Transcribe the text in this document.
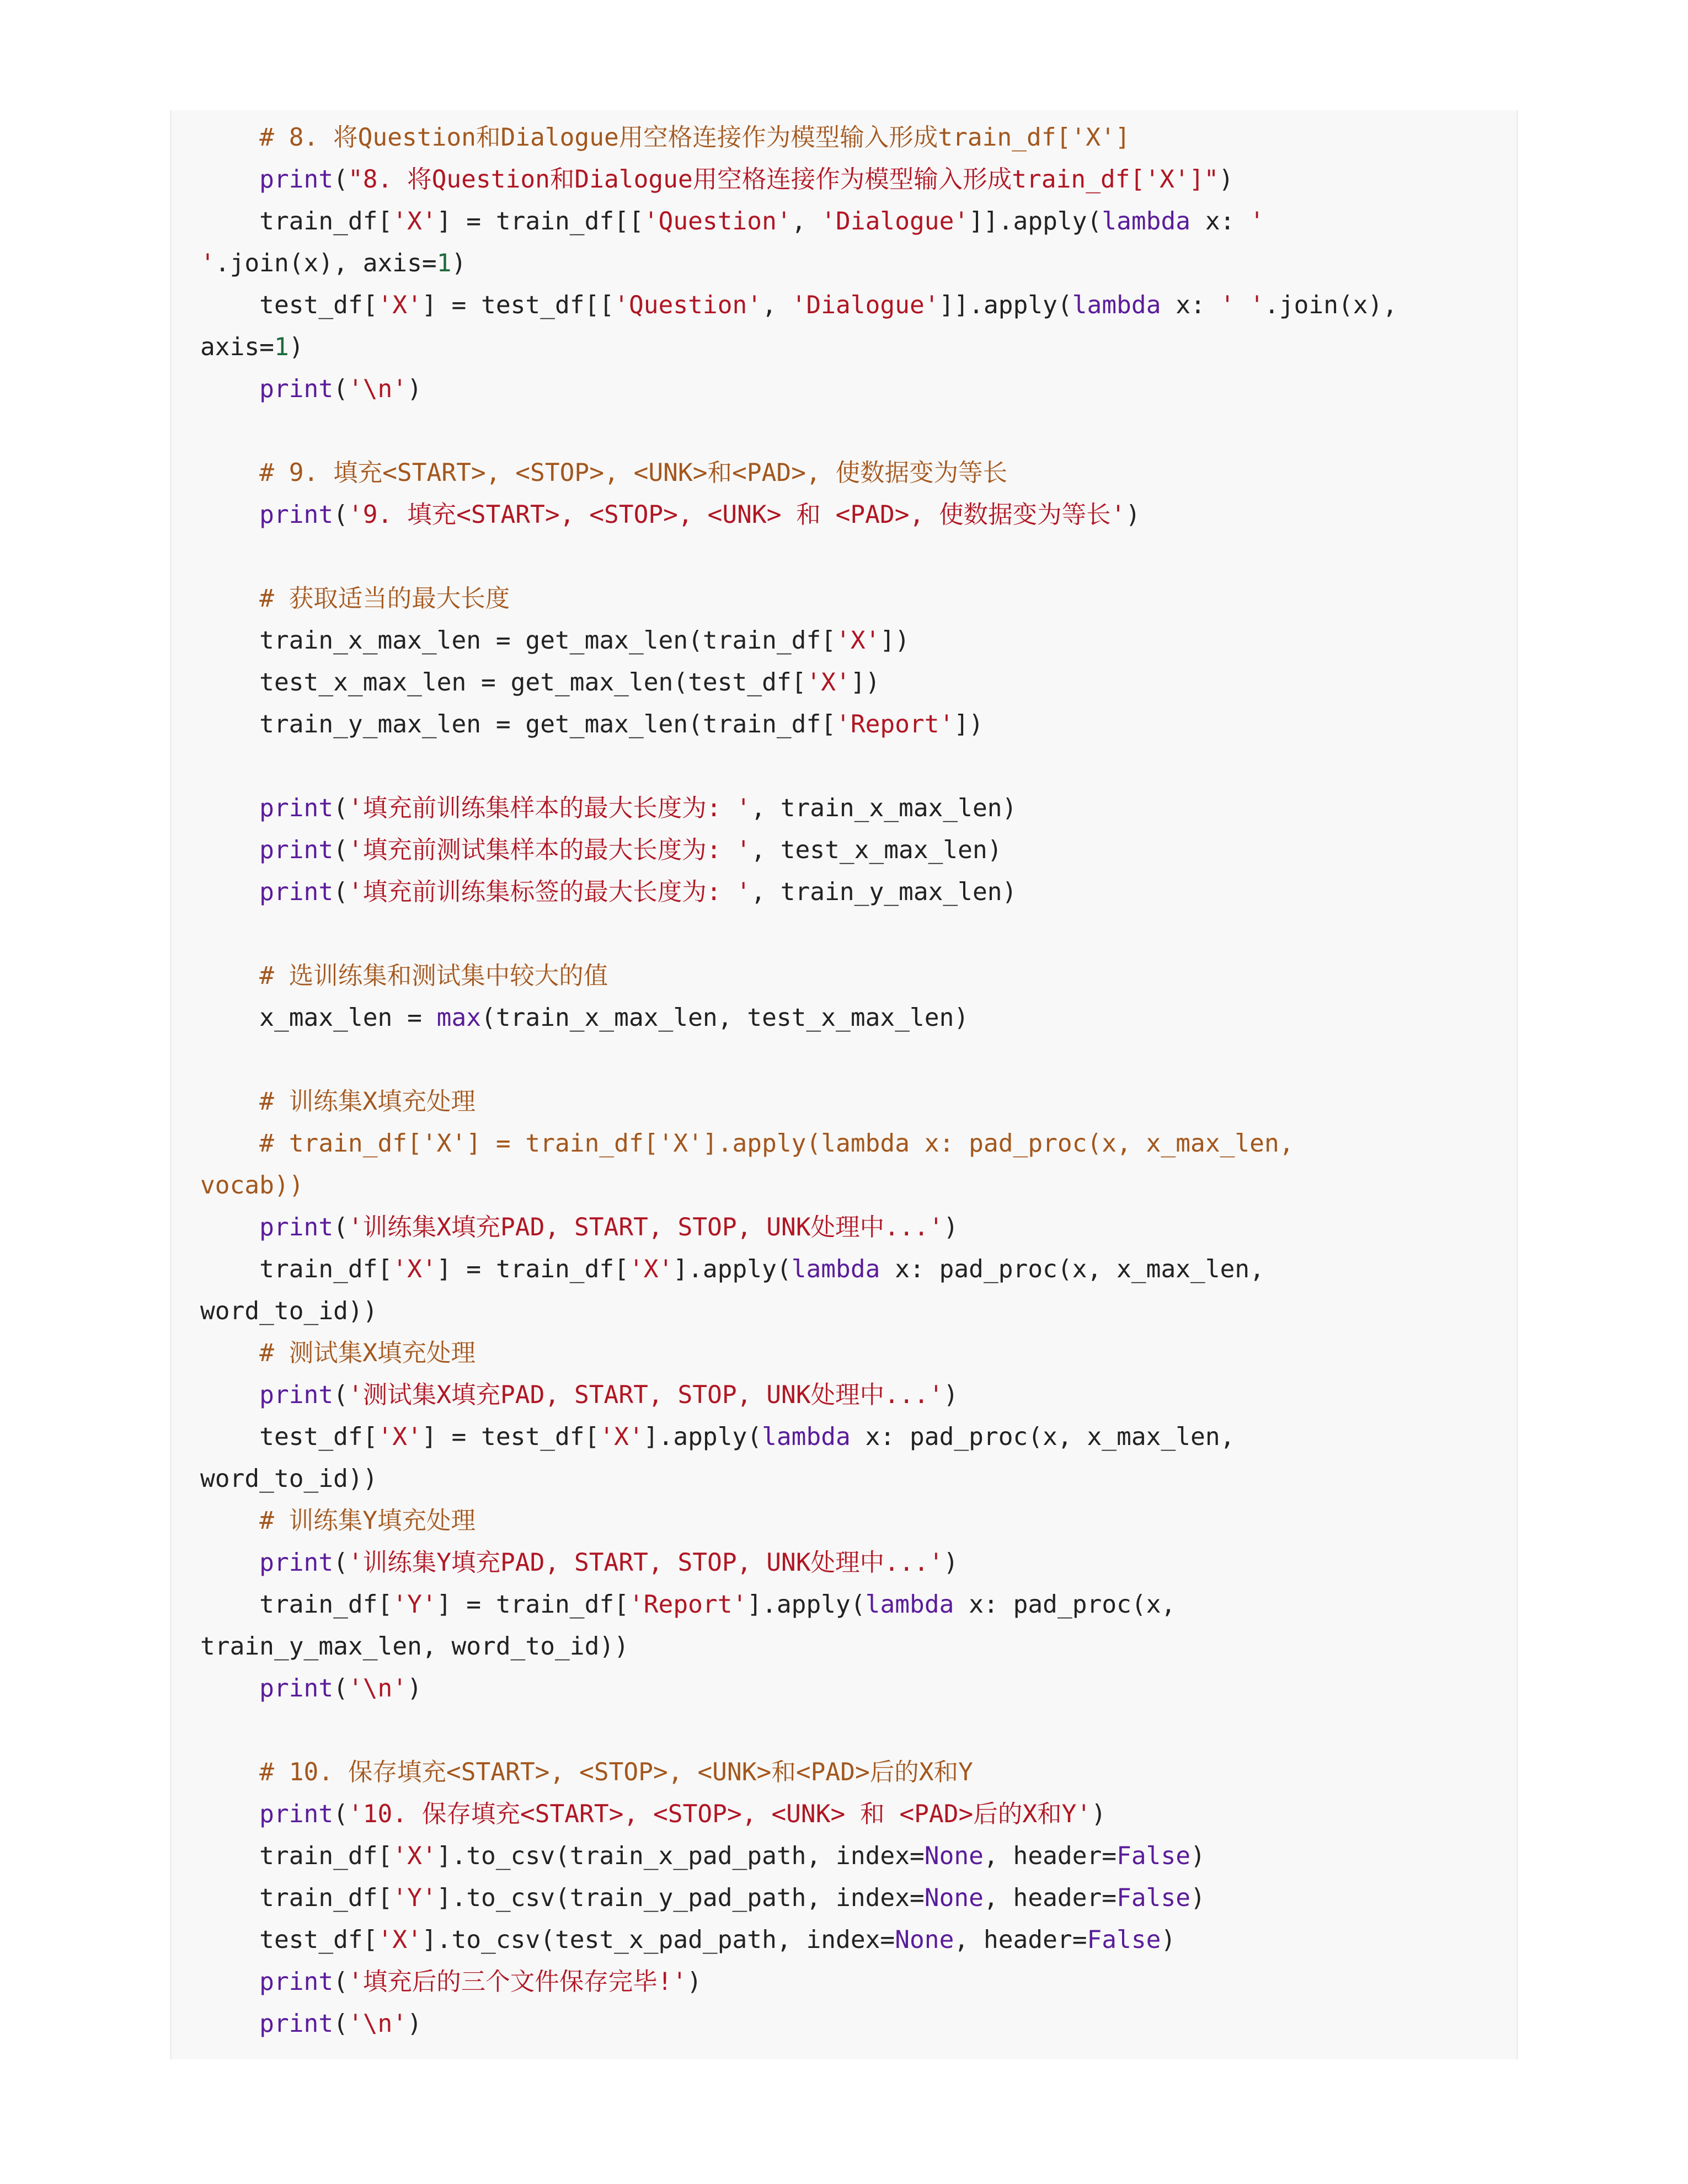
# 8. 将Question和Dialogue用空格连接作为模型输入形成train_df['X']
print("8. 将Question和Dialogue用空格连接作为模型输入形成train_df['X']")
train_df['X'] = train_df[['Question', 'Dialogue']].apply(lambda x: '
'.join(x), axis=1)
test_df['X'] = test_df[['Question', 'Dialogue']].apply(lambda x: ' '.join(x),
axis=1)
print('\n')
# 9. 填充<START>, <STOP>, <UNK>和<PAD>, 使数据变为等长
print('9. 填充<START>, <STOP>, <UNK> 和 <PAD>, 使数据变为等长')
# 获取适当的最大长度
train_x_max_len = get_max_len(train_df['X'])
test_x_max_len = get_max_len(test_df['X'])
train_y_max_len = get_max_len(train_df['Report'])
print('填充前训练集样本的最大长度为: ', train_x_max_len)
print('填充前测试集样本的最大长度为: ', test_x_max_len)
print('填充前训练集标签的最大长度为: ', train_y_max_len)
# 选训练集和测试集中较大的值
x_max_len = max(train_x_max_len, test_x_max_len)
# 训练集X填充处理
# train_df['X'] = train_df['X'].apply(lambda x: pad_proc(x, x_max_len,
vocab))
print('训练集X填充PAD, START, STOP, UNK处理中...')
train_df['X'] = train_df['X'].apply(lambda x: pad_proc(x, x_max_len,
word_to_id))
# 测试集X填充处理
print('测试集X填充PAD, START, STOP, UNK处理中...')
test_df['X'] = test_df['X'].apply(lambda x: pad_proc(x, x_max_len,
word_to_id))
# 训练集Y填充处理
print('训练集Y填充PAD, START, STOP, UNK处理中...')
train_df['Y'] = train_df['Report'].apply(lambda x: pad_proc(x,
train_y_max_len, word_to_id))
print('\n')
# 10. 保存填充<START>, <STOP>, <UNK>和<PAD>后的X和Y
print('10. 保存填充<START>, <STOP>, <UNK> 和 <PAD>后的X和Y')
train_df['X'].to_csv(train_x_pad_path, index=None, header=False)
train_df['Y'].to_csv(train_y_pad_path, index=None, header=False)
test_df['X'].to_csv(test_x_pad_path, index=None, header=False)
print('填充后的三个文件保存完毕!')
print('\n')
